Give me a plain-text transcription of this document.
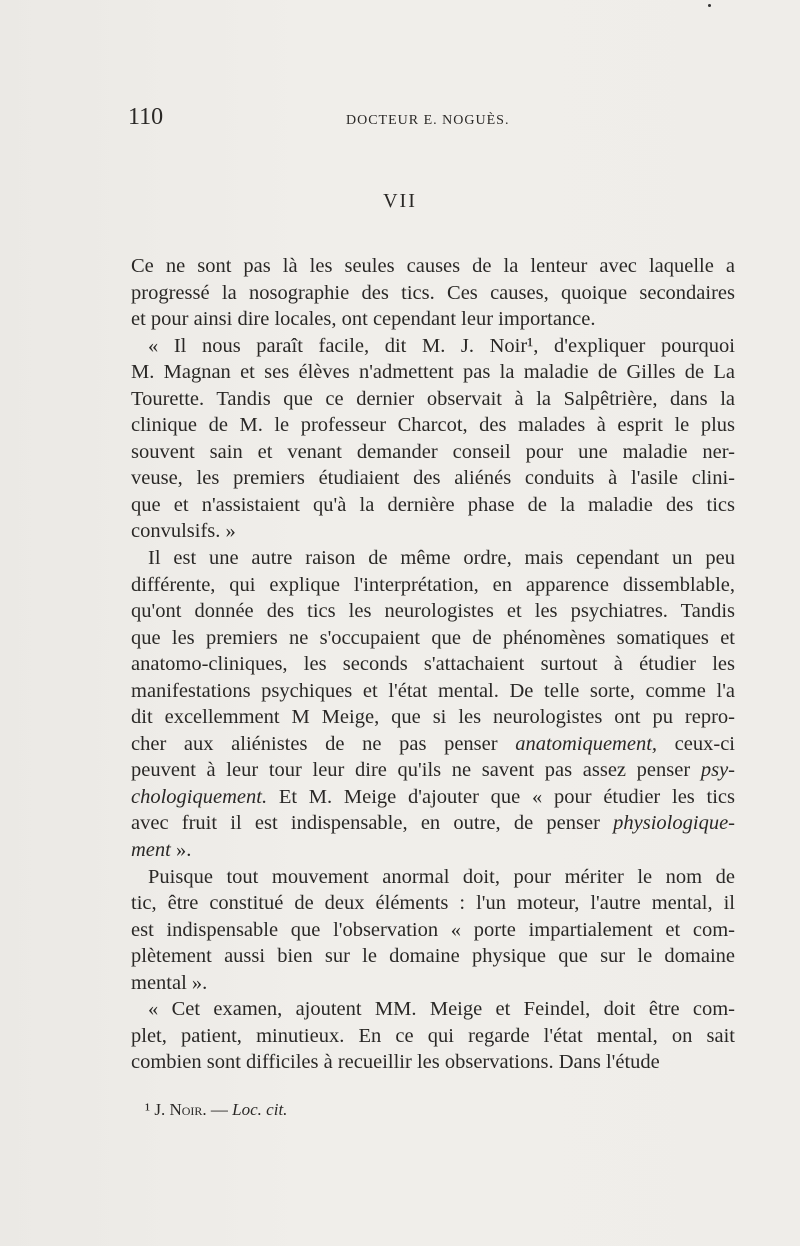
110	DOCTEUR E. NOGUÈS.
VII
Ce ne sont pas là les seules causes de la lenteur avec laquelle a
progressé la nosographie des tics. Ces causes, quoique secondaires
et pour ainsi dire locales, ont cependant leur importance.
« Il nous paraît facile, dit M. J. Noir¹, d'expliquer pourquoi
M. Magnan et ses élèves n'admettent pas la maladie de Gilles de La
Tourette. Tandis que ce dernier observait à la Salpêtrière, dans la
clinique de M. le professeur Charcot, des malades à esprit le plus
souvent sain et venant demander conseil pour une maladie ner-
veuse, les premiers étudiaient des aliénés conduits à l'asile clini-
que et n'assistaient qu'à la dernière phase de la maladie des tics
convulsifs. »
Il est une autre raison de même ordre, mais cependant un peu
différente, qui explique l'interprétation, en apparence dissemblable,
qu'ont donnée des tics les neurologistes et les psychiatres. Tandis
que les premiers ne s'occupaient que de phénomènes somatiques et
anatomo-cliniques, les seconds s'attachaient surtout à étudier les
manifestations psychiques et l'état mental. De telle sorte, comme l'a
dit excellemment M Meige, que si les neurologistes ont pu repro-
cher aux aliénistes de ne pas penser anatomiquement, ceux-ci
peuvent à leur tour leur dire qu'ils ne savent pas assez penser psy-
chologiquement. Et M. Meige d'ajouter que « pour étudier les tics
avec fruit il est indispensable, en outre, de penser physiologique-
ment ».
Puisque tout mouvement anormal doit, pour mériter le nom de
tic, être constitué de deux éléments : l'un moteur, l'autre mental, il
est indispensable que l'observation « porte impartialement et com-
plètement aussi bien sur le domaine physique que sur le domaine
mental ».
« Cet examen, ajoutent MM. Meige et Feindel, doit être com-
plet, patient, minutieux. En ce qui regarde l'état mental, on sait
combien sont difficiles à recueillir les observations. Dans l'étude
¹ J. Noir. — Loc. cit.
